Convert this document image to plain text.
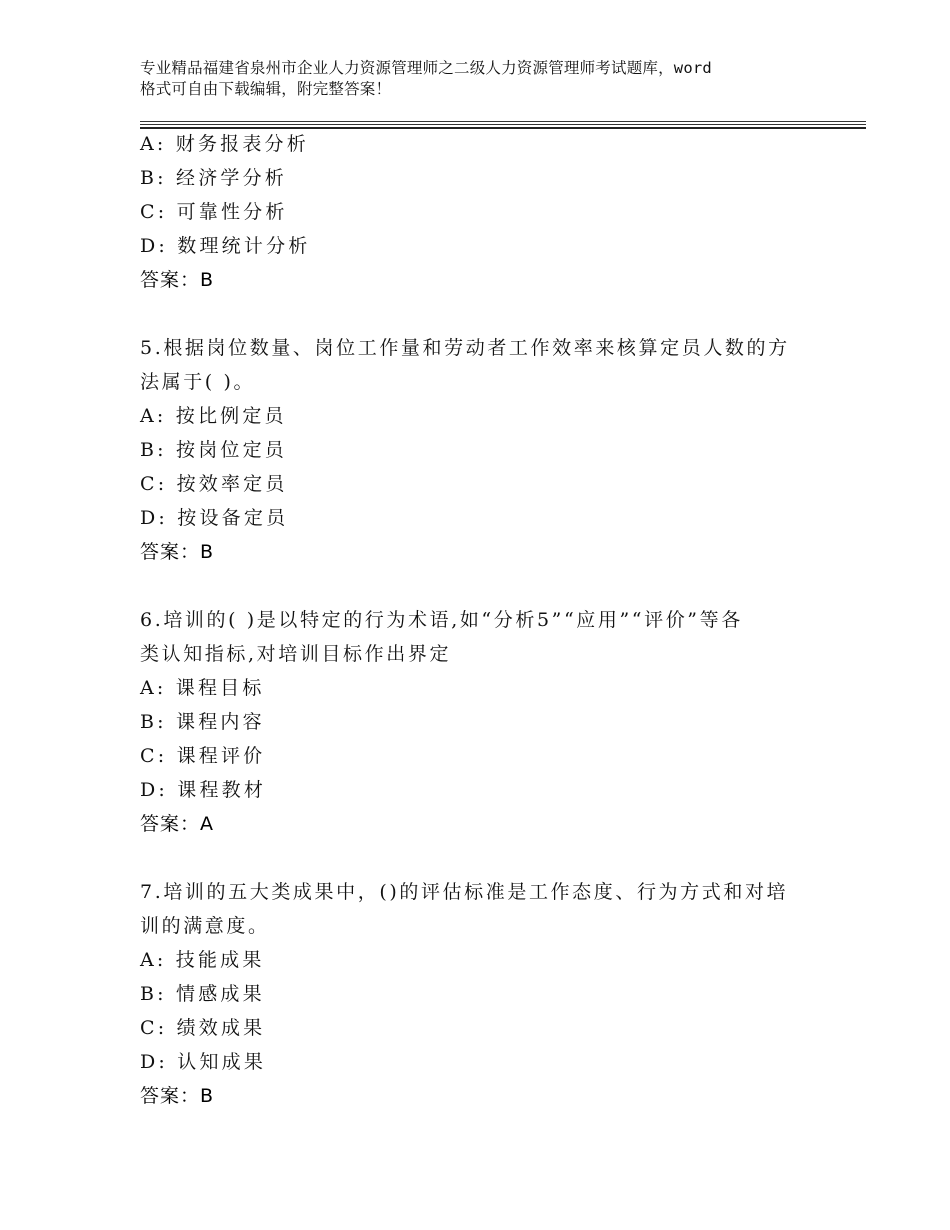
专业精品福建省泉州市企业人力资源管理师之二级人力资源管理师考试题库，word
格式可自由下载编辑，附完整答案！
A: 财务报表分析
B: 经济学分析
C: 可靠性分析
D: 数理统计分析
答案：B
5.根据岗位数量、岗位工作量和劳动者工作效率来核算定员人数的方
法属于( )。
A: 按比例定员
B: 按岗位定员
C: 按效率定员
D: 按设备定员
答案：B
6.培训的( )是以特定的行为术语,如“分析5”“应用”“评价”等各
类认知指标,对培训目标作出界定
A: 课程目标
B: 课程内容
C: 课程评价
D: 课程教材
答案：A
7.培训的五大类成果中，()的评估标准是工作态度、行为方式和对培
训的满意度。
A: 技能成果
B: 情感成果
C: 绩效成果
D: 认知成果
答案：B
